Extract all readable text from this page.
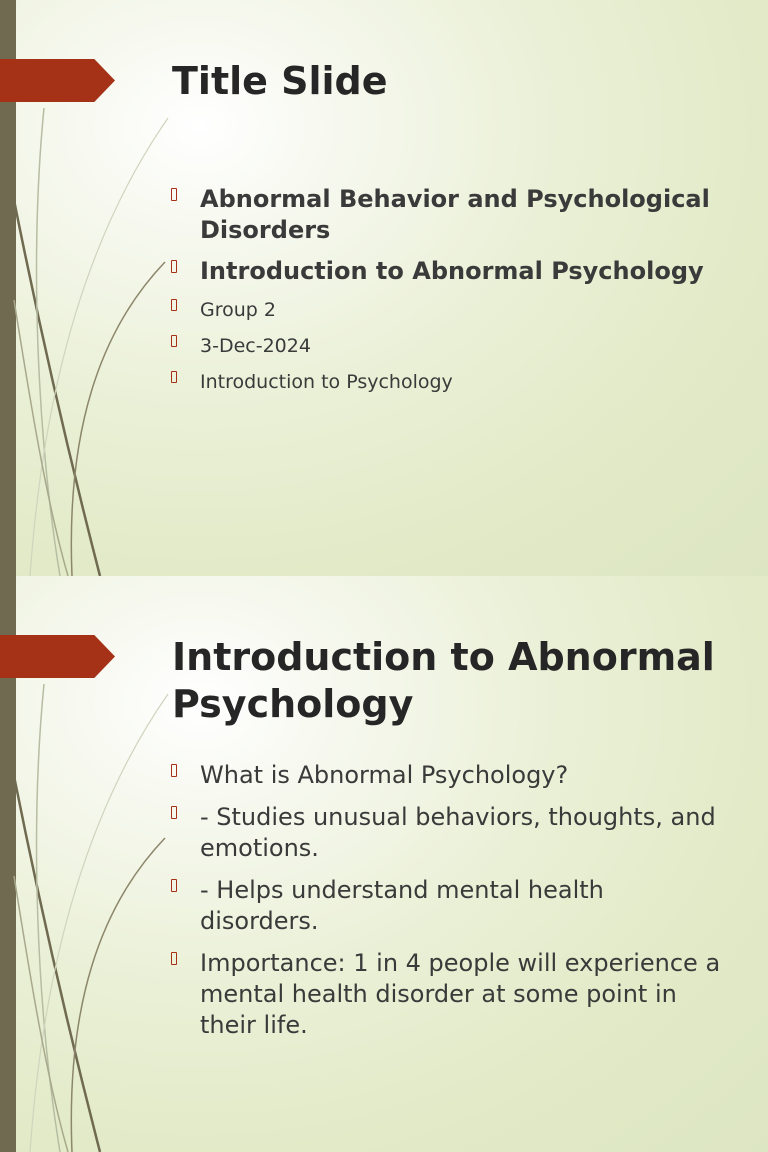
Title Slide
Abnormal Behavior and Psychological Disorders
Introduction to Abnormal Psychology
Group 2
3-Dec-2024
Introduction to Psychology
Introduction to Abnormal Psychology
What is Abnormal Psychology?
- Studies unusual behaviors, thoughts, and emotions.
- Helps understand mental health disorders.
Importance: 1 in 4 people will experience a mental health disorder at some point in their life.
